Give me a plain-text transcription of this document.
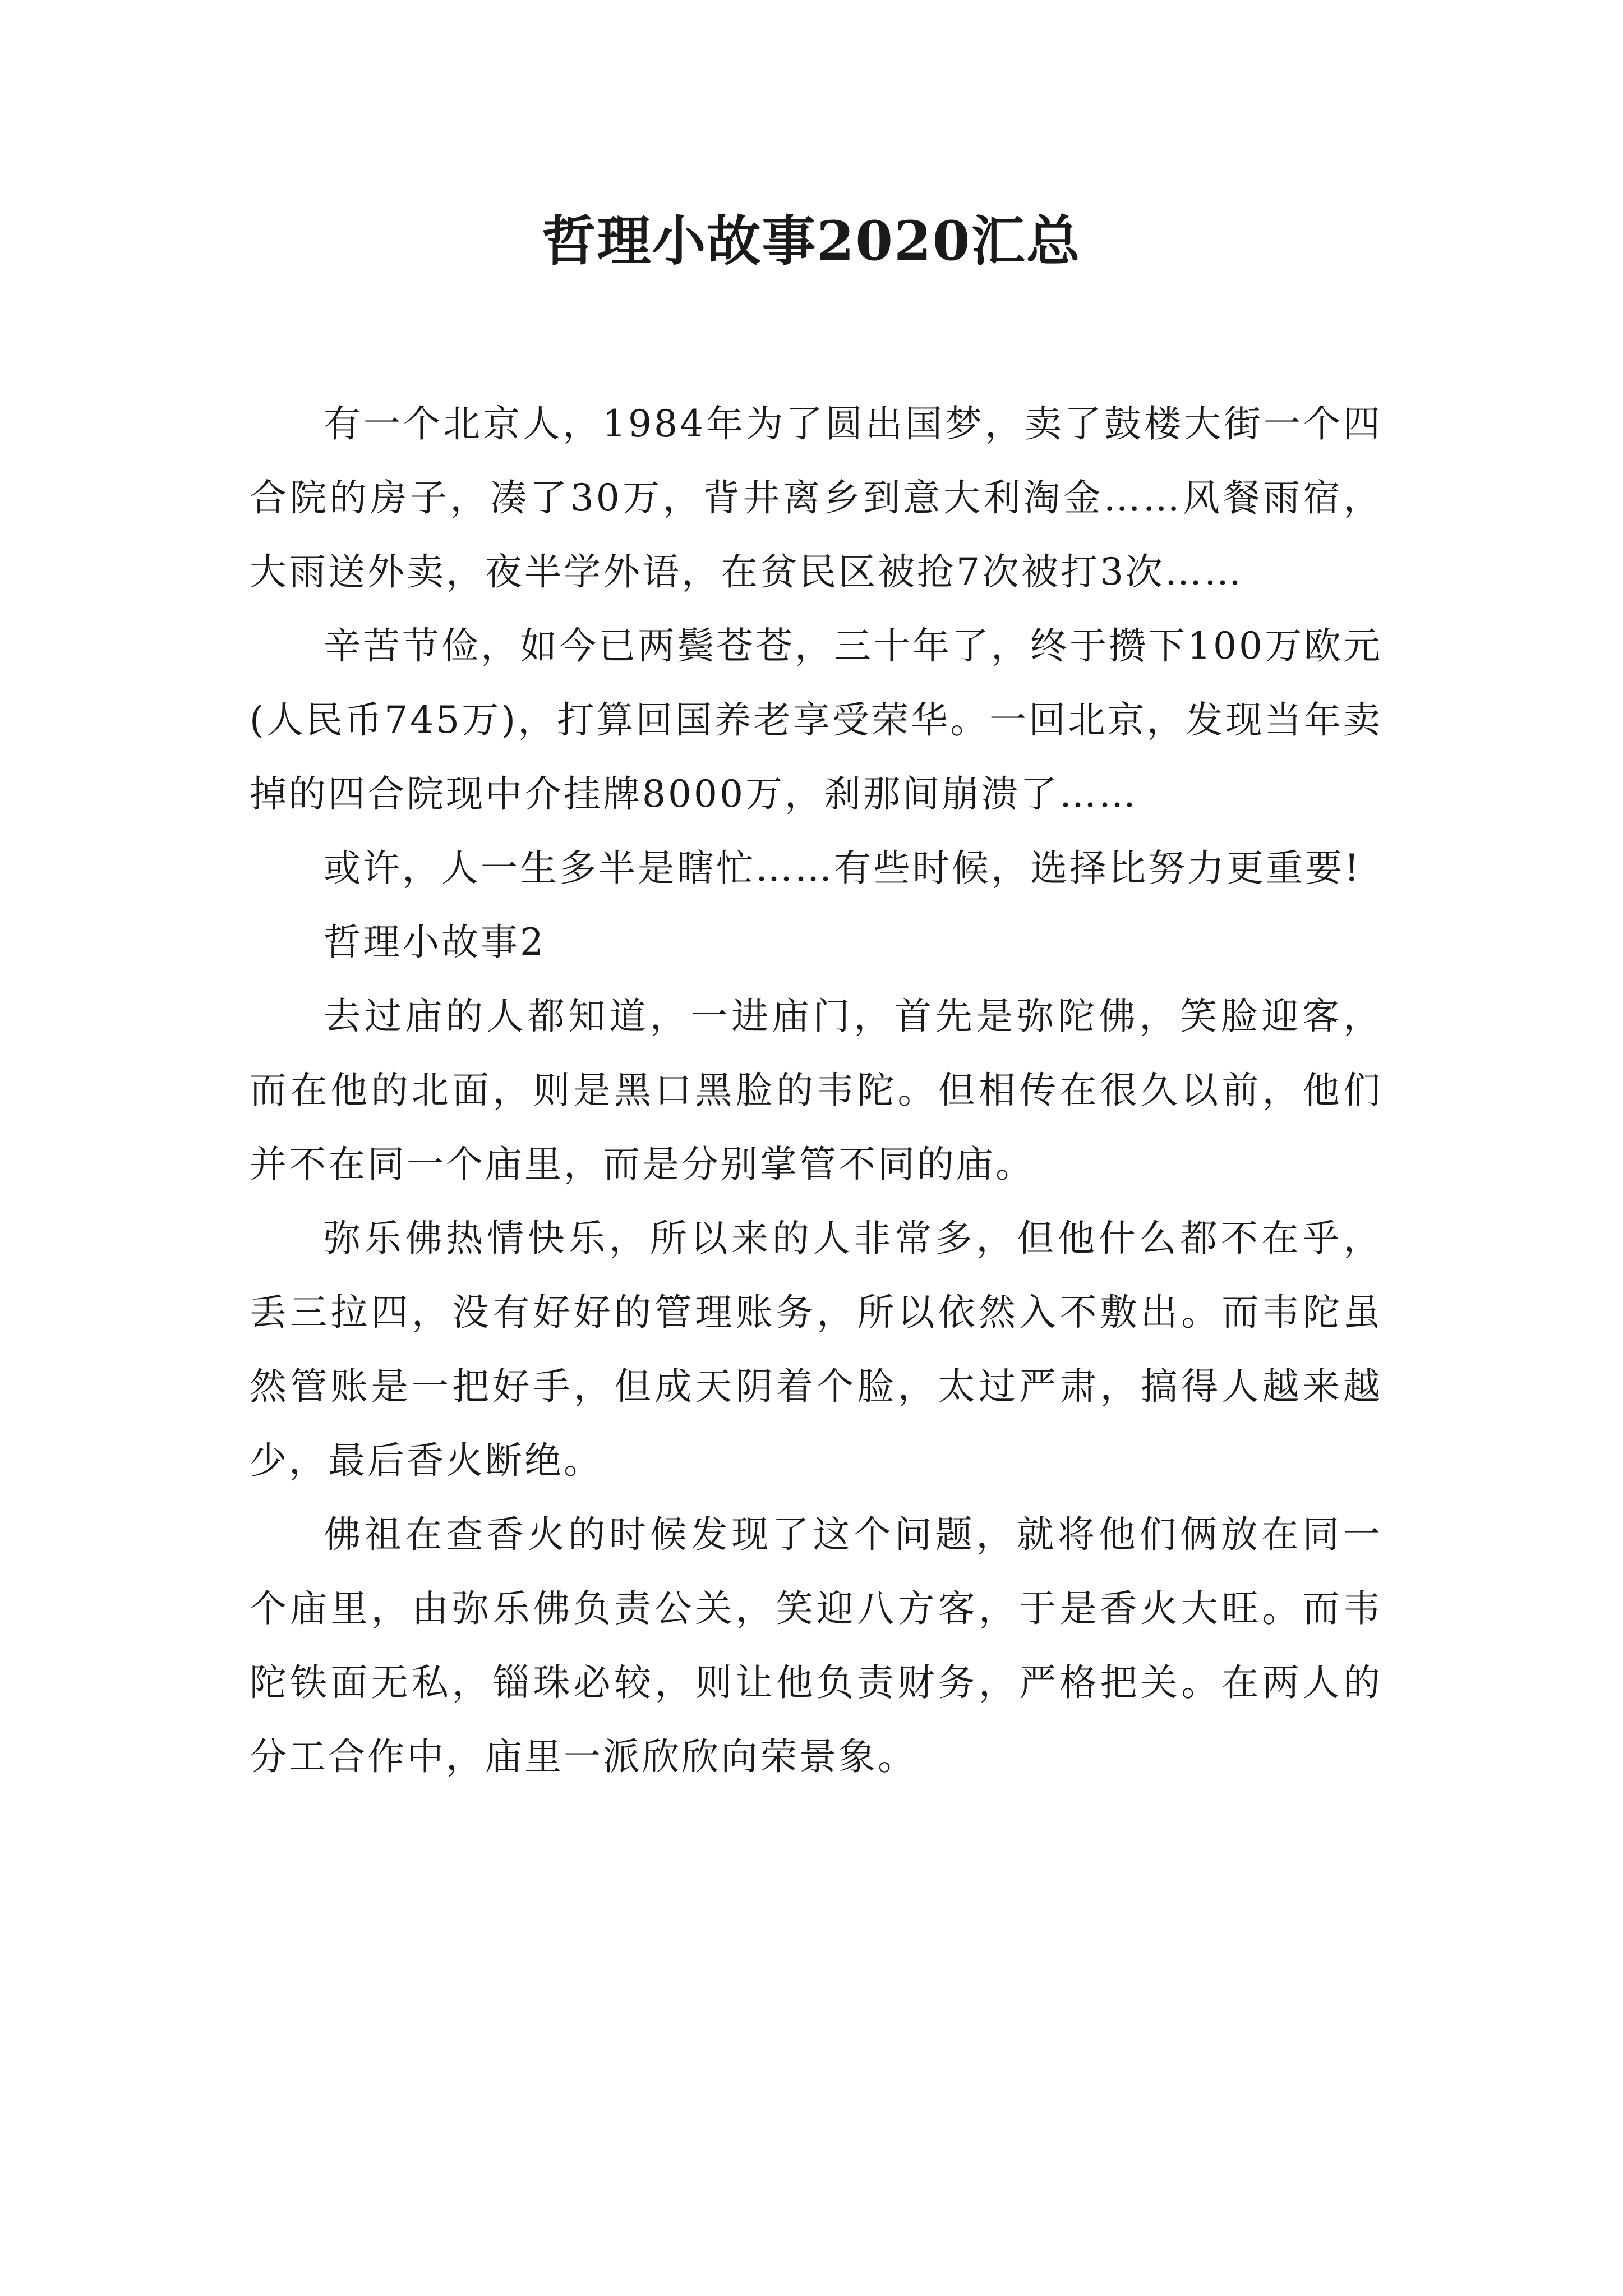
哲理小故事2020汇总

有一个北京人，1984年为了圆出国梦，卖了鼓楼大街一个四合院的房子，凑了30万，背井离乡到意大利淘金……风餐雨宿，大雨送外卖，夜半学外语，在贫民区被抢7次被打3次……

辛苦节俭，如今已两鬓苍苍，三十年了，终于攒下100万欧元(人民币745万)，打算回国养老享受荣华。一回北京，发现当年卖掉的四合院现中介挂牌8000万，刹那间崩溃了……

或许，人一生多半是瞎忙……有些时候，选择比努力更重要!

哲理小故事2

去过庙的人都知道，一进庙门，首先是弥陀佛，笑脸迎客，而在他的北面，则是黑口黑脸的韦陀。但相传在很久以前，他们并不在同一个庙里，而是分别掌管不同的庙。

弥乐佛热情快乐，所以来的人非常多，但他什么都不在乎，丢三拉四，没有好好的管理账务，所以依然入不敷出。而韦陀虽然管账是一把好手，但成天阴着个脸，太过严肃，搞得人越来越少，最后香火断绝。

佛祖在查香火的时候发现了这个问题，就将他们俩放在同一个庙里，由弥乐佛负责公关，笑迎八方客，于是香火大旺。而韦陀铁面无私，锱珠必较，则让他负责财务，严格把关。在两人的分工合作中，庙里一派欣欣向荣景象。
